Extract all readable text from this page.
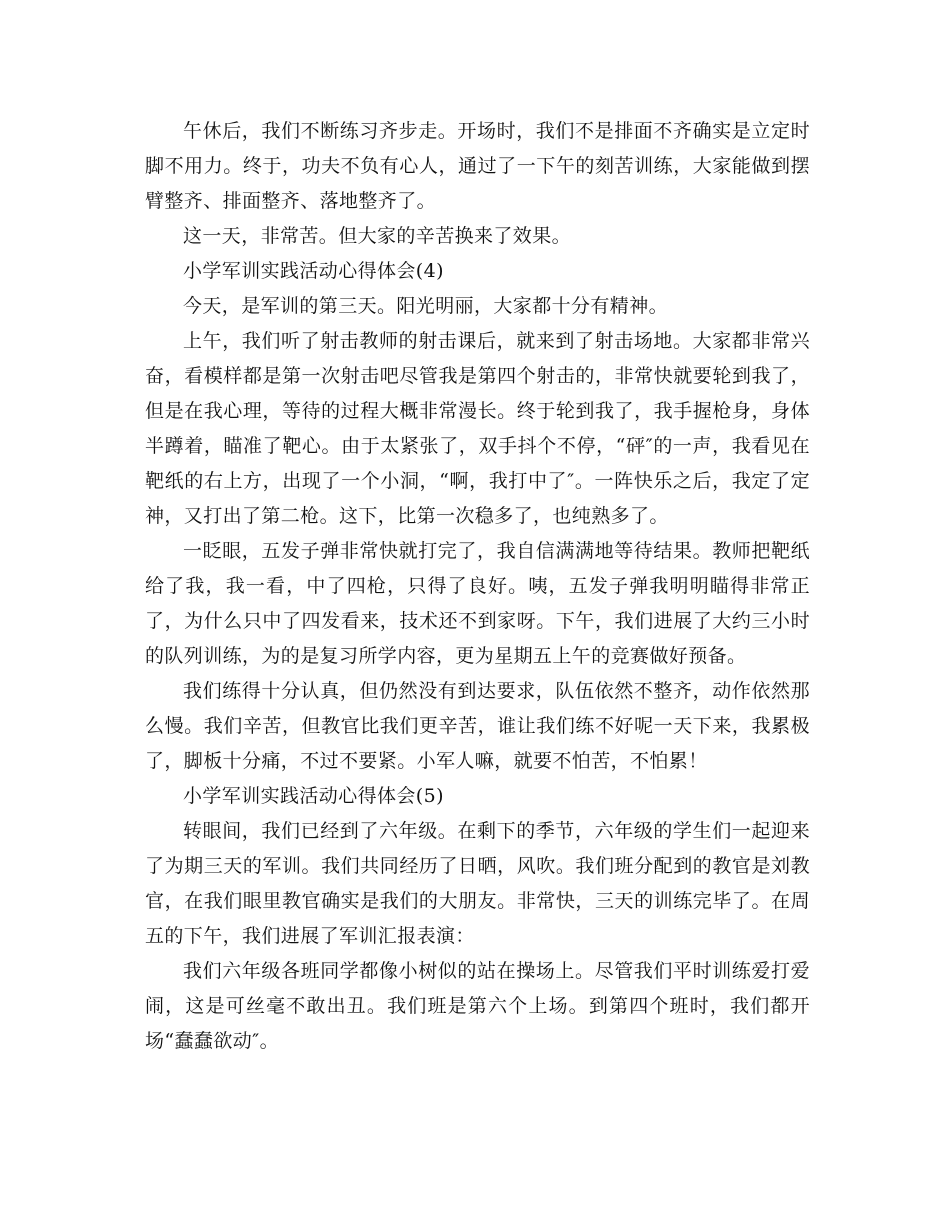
午休后，我们不断练习齐步走。开场时，我们不是排面不齐确实是立定时脚不用力。终于，功夫不负有心人，通过了一下午的刻苦训练，大家能做到摆臂整齐、排面整齐、落地整齐了。

这一天，非常苦。但大家的辛苦换来了效果。

小学军训实践活动心得体会(4)

今天，是军训的第三天。阳光明丽，大家都十分有精神。

上午，我们听了射击教师的射击课后，就来到了射击场地。大家都非常兴奋，看模样都是第一次射击吧尽管我是第四个射击的，非常快就要轮到我了，但是在我心理，等待的过程大概非常漫长。终于轮到我了，我手握枪身，身体半蹲着，瞄准了靶心。由于太紧张了，双手抖个不停，“砰″的一声，我看见在靶纸的右上方，出现了一个小洞，“啊，我打中了″。一阵快乐之后，我定了定神，又打出了第二枪。这下，比第一次稳多了，也纯熟多了。

一眨眼，五发子弹非常快就打完了，我自信满满地等待结果。教师把靶纸给了我，我一看，中了四枪，只得了良好。咦，五发子弹我明明瞄得非常正了，为什么只中了四发看来，技术还不到家呀。下午，我们进展了大约三小时的队列训练，为的是复习所学内容，更为星期五上午的竞赛做好预备。

我们练得十分认真，但仍然没有到达要求，队伍依然不整齐，动作依然那么慢。我们辛苦，但教官比我们更辛苦，谁让我们练不好呢一天下来，我累极了，脚板十分痛，不过不要紧。小军人嘛，就要不怕苦，不怕累！

小学军训实践活动心得体会(5)

转眼间，我们已经到了六年级。在剩下的季节，六年级的学生们一起迎来了为期三天的军训。我们共同经历了日晒，风吹。我们班分配到的教官是刘教官，在我们眼里教官确实是我们的大朋友。非常快，三天的训练完毕了。在周五的下午，我们进展了军训汇报表演：

我们六年级各班同学都像小树似的站在操场上。尽管我们平时训练爱打爱闹，这是可丝毫不敢出丑。我们班是第六个上场。到第四个班时，我们都开场“蠢蠢欲动″。
